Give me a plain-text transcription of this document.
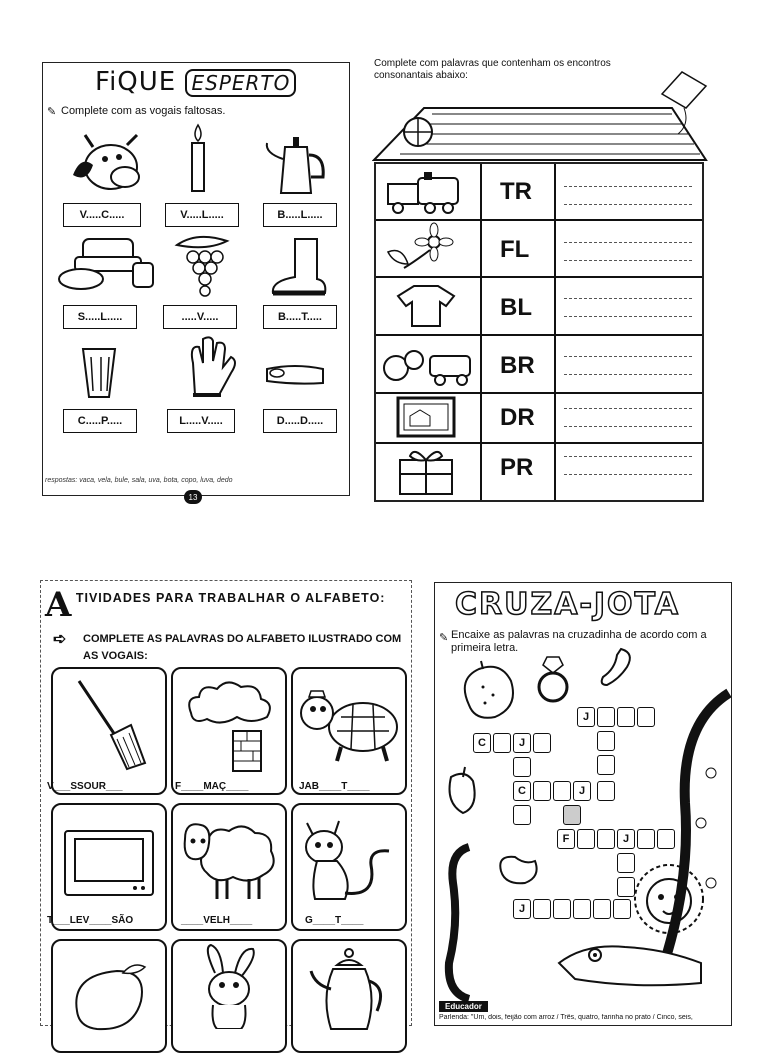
FiQUE ESPERTO
✎ Complete com as vogais faltosas.
V.....C.....	V.....L.....	B.....L.....
S.....L.....	.....V.....	B.....T.....
C.....P.....	L.....V.....	D.....D.....
respostas: vaca, vela, bule, sala, uva, bota, copo, luva, dedo
13
Complete com palavras que contenham os encontros consonantais abaixo:
TR
FL
BL
BR
DR
PR
A $^{TIVIDADES PARA TRABALHAR O ALFABETO:}$
➪ COMPLETE AS PALAVRAS DO ALFABETO ILUSTRADO COM AS VOGAIS:
V___SSOUR___	F____MAÇ____	JAB____T____
T___LEV____SÃO	____VELH____	G____T____
CRUZA-JOTA
✎ Encaixe as palavras na cruzadinha de acordo com a primeira letra.
J
C	J
C	J
F	J
J
Educador
Parlenda: "Um, dois, feijão com arroz / Três, quatro, farinha no prato / Cinco, seis,
